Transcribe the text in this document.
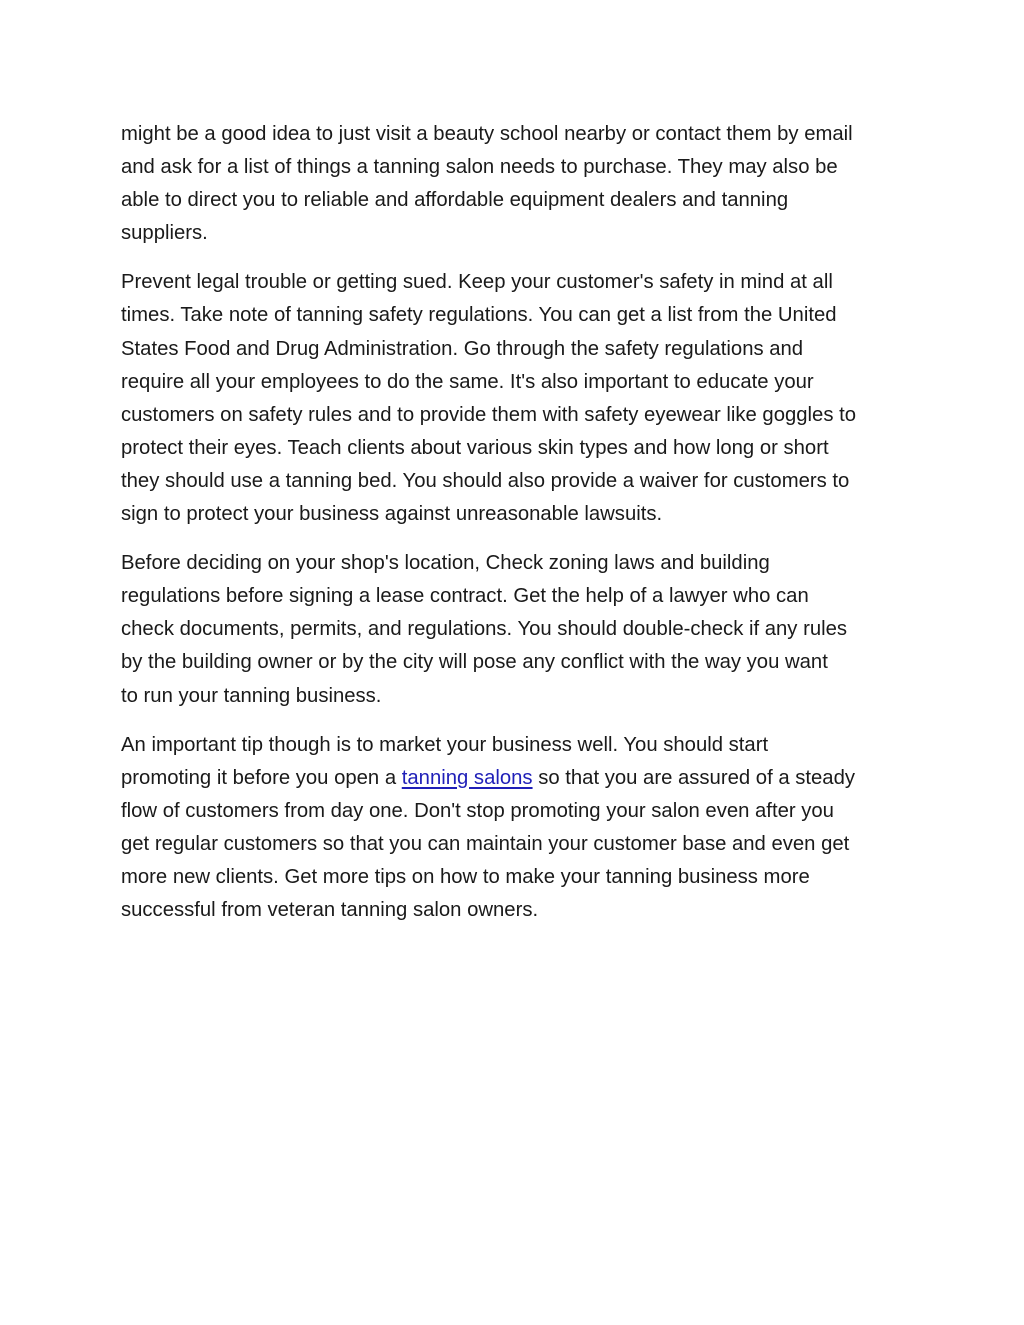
might be a good idea to just visit a beauty school nearby or contact them by email
and ask for a list of things a tanning salon needs to purchase. They may also be
able to direct you to reliable and affordable equipment dealers and tanning
suppliers.

Prevent legal trouble or getting sued. Keep your customer's safety in mind at all
times. Take note of tanning safety regulations. You can get a list from the United
States Food and Drug Administration. Go through the safety regulations and
require all your employees to do the same. It's also important to educate your
customers on safety rules and to provide them with safety eyewear like goggles to
protect their eyes. Teach clients about various skin types and how long or short
they should use a tanning bed. You should also provide a waiver for customers to
sign to protect your business against unreasonable lawsuits.

Before deciding on your shop's location, Check zoning laws and building
regulations before signing a lease contract. Get the help of a lawyer who can
check documents, permits, and regulations. You should double-check if any rules
by the building owner or by the city will pose any conflict with the way you want
to run your tanning business.

An important tip though is to market your business well. You should start
promoting it before you open a tanning salons so that you are assured of a steady
flow of customers from day one. Don't stop promoting your salon even after you
get regular customers so that you can maintain your customer base and even get
more new clients. Get more tips on how to make your tanning business more
successful from veteran tanning salon owners.
